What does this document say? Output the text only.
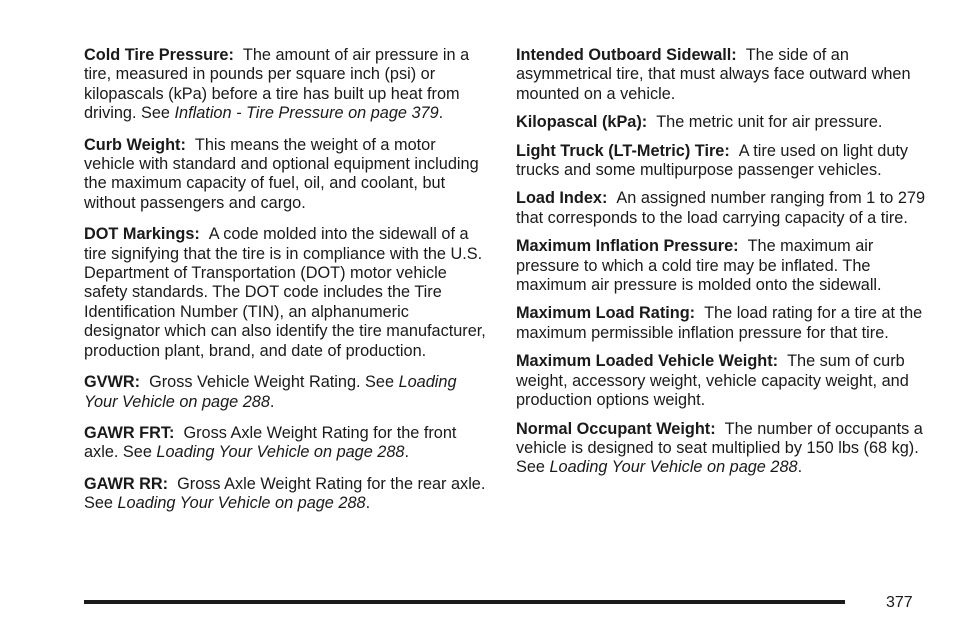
Cold Tire Pressure: The amount of air pressure in a tire, measured in pounds per square inch (psi) or kilopascals (kPa) before a tire has built up heat from driving. See Inflation - Tire Pressure on page 379.

Curb Weight: This means the weight of a motor vehicle with standard and optional equipment including the maximum capacity of fuel, oil, and coolant, but without passengers and cargo.

DOT Markings: A code molded into the sidewall of a tire signifying that the tire is in compliance with the U.S. Department of Transportation (DOT) motor vehicle safety standards. The DOT code includes the Tire Identification Number (TIN), an alphanumeric designator which can also identify the tire manufacturer, production plant, brand, and date of production.

GVWR: Gross Vehicle Weight Rating. See Loading Your Vehicle on page 288.

GAWR FRT: Gross Axle Weight Rating for the front axle. See Loading Your Vehicle on page 288.

GAWR RR: Gross Axle Weight Rating for the rear axle. See Loading Your Vehicle on page 288.

Intended Outboard Sidewall: The side of an asymmetrical tire, that must always face outward when mounted on a vehicle.

Kilopascal (kPa): The metric unit for air pressure.

Light Truck (LT-Metric) Tire: A tire used on light duty trucks and some multipurpose passenger vehicles.

Load Index: An assigned number ranging from 1 to 279 that corresponds to the load carrying capacity of a tire.

Maximum Inflation Pressure: The maximum air pressure to which a cold tire may be inflated. The maximum air pressure is molded onto the sidewall.

Maximum Load Rating: The load rating for a tire at the maximum permissible inflation pressure for that tire.

Maximum Loaded Vehicle Weight: The sum of curb weight, accessory weight, vehicle capacity weight, and production options weight.

Normal Occupant Weight: The number of occupants a vehicle is designed to seat multiplied by 150 lbs (68 kg). See Loading Your Vehicle on page 288.

377
